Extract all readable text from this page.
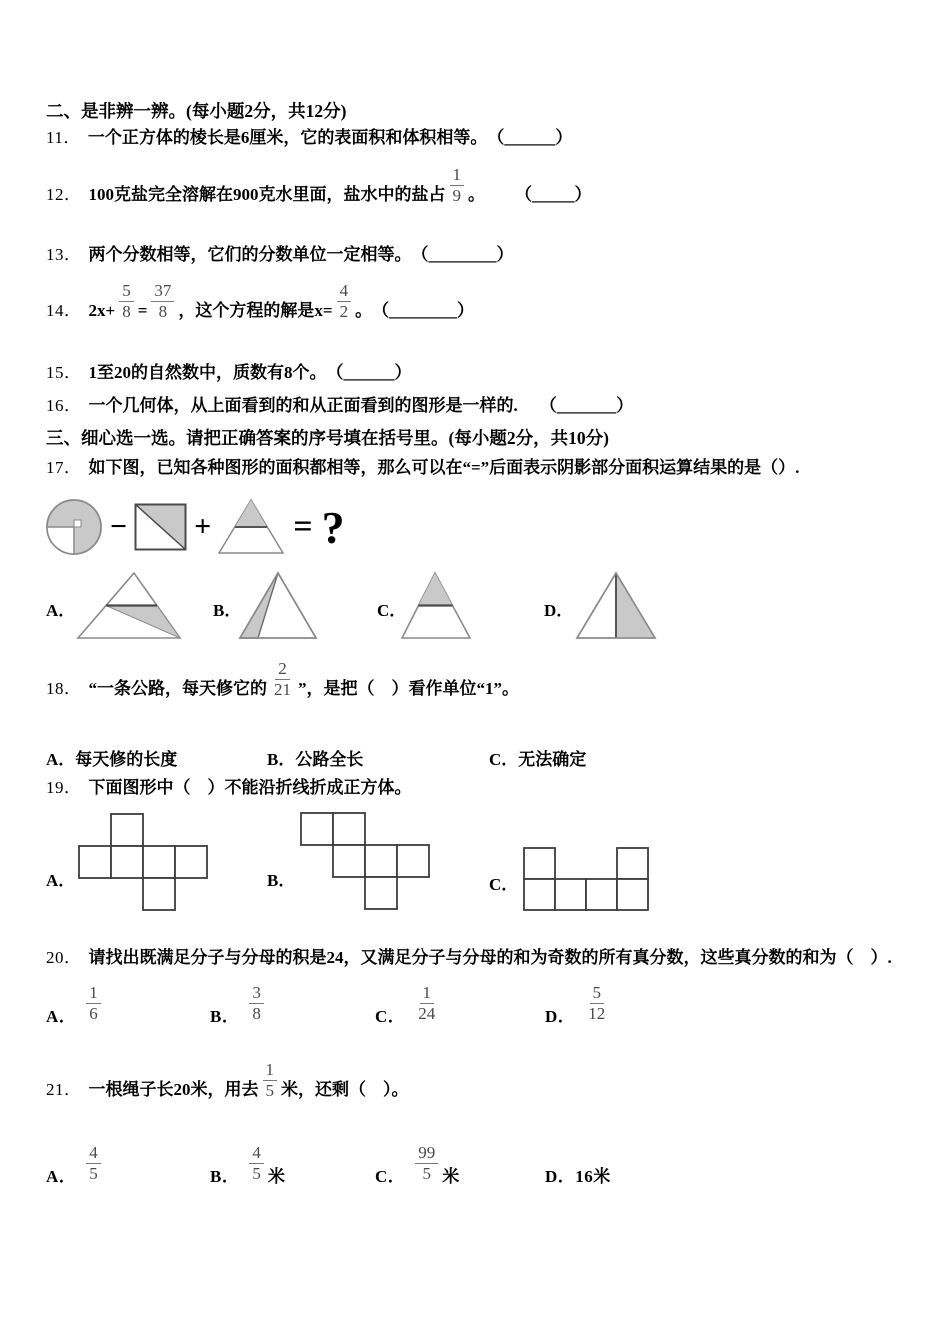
二、是非辨一辨。(每小题2分，共12分)
11． 一个正方体的棱长是6厘米，它的表面积和体积相等。 （______）
12． 100克盐完全溶解在900克水里面，盐水中的盐占 $\frac{1}{9}$ 。 （_____）
13． 两个分数相等，它们的分数单位一定相等。 （________）
14． $2x+ \frac{5}{8} = \frac{37}{8}$ ，这个方程的解是$x= \frac{4}{2}$ 。 （________）
15． 1至20的自然数中，质数有8个。 （______）
16． 一个几何体，从上面看到的和从正面看到的图形是一样的. （_______）
三、细心选一选。请把正确答案的序号填在括号里。(每小题2分，共10分)
17． 如下图，已知各种图形的面积都相等，那么可以在“=”后面表示阴影部分面积运算结果的是（）.
− + = ?
A．	B．	C．	D．
18． “一条公路，每天修它的 $\frac{2}{21}$ ”，是把（　）看作单位“1”。
A．每天修的长度	B．公路全长	C．无法确定
19． 下面图形中（　）不能沿折线折成正方体。
A．	B．	C．
20． 请找出既满足分子与分母的积是24，又满足分子与分母的和为奇数的所有真分数，这些真分数的和为（　）.
A． $\frac{1}{6}$	B． $\frac{3}{8}$	C． $\frac{1}{24}$	D． $\frac{5}{12}$
21． 一根绳子长20米，用去 $\frac{1}{5}$ 米，还剩（　）。
A． $\frac{4}{5}$	B． $\frac{4}{5}$ 米	C． $\frac{99}{5}$ 米	D．16米
